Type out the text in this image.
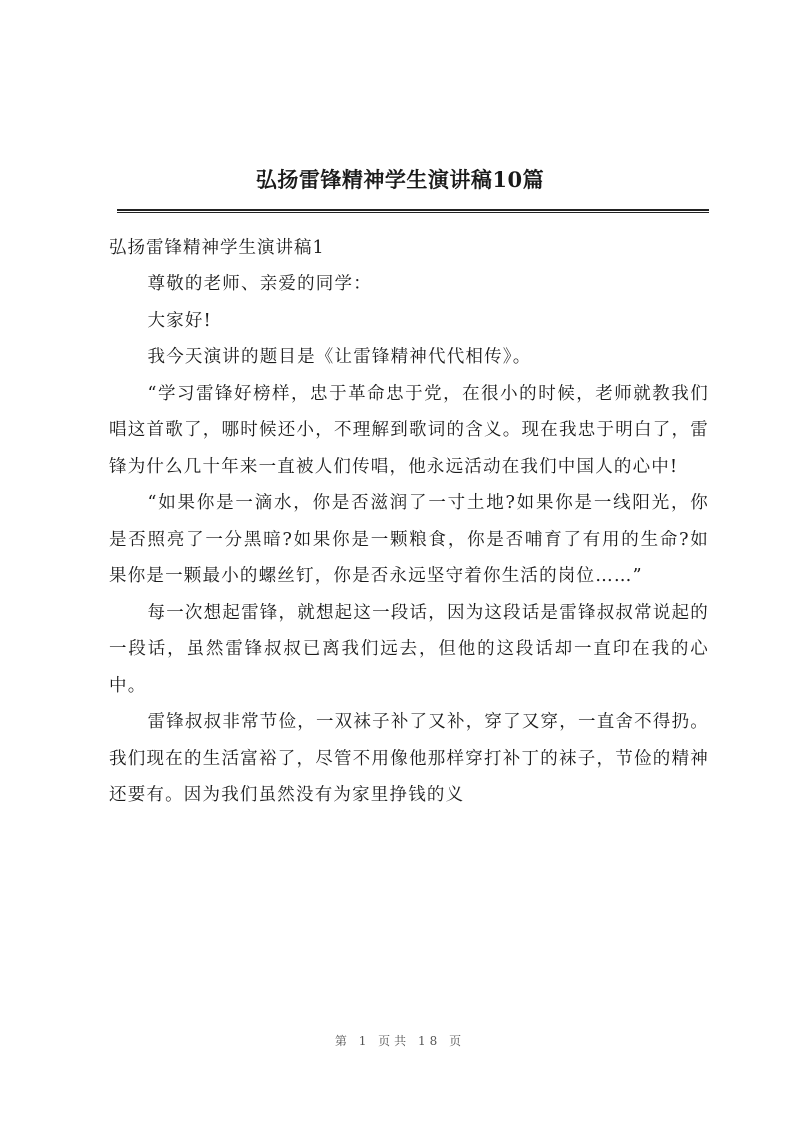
弘扬雷锋精神学生演讲稿10篇
弘扬雷锋精神学生演讲稿1

尊敬的老师、亲爱的同学：

大家好!

我今天演讲的题目是《让雷锋精神代代相传》。

“学习雷锋好榜样，忠于革命忠于党，在很小的时候，老师就教我们唱这首歌了，哪时候还小，不理解到歌词的含义。现在我忠于明白了，雷锋为什么几十年来一直被人们传唱，他永远活动在我们中国人的心中!

“如果你是一滴水，你是否滋润了一寸土地?如果你是一线阳光，你是否照亮了一分黑暗?如果你是一颗粮食，你是否哺育了有用的生命?如果你是一颗最小的螺丝钉，你是否永远坚守着你生活的岗位……”

每一次想起雷锋，就想起这一段话，因为这段话是雷锋叔叔常说起的一段话，虽然雷锋叔叔已离我们远去，但他的这段话却一直印在我的心中。

雷锋叔叔非常节俭，一双袜子补了又补，穿了又穿，一直舍不得扔。我们现在的生活富裕了，尽管不用像他那样穿打补丁的袜子，节俭的精神还要有。因为我们虽然没有为家里挣钱的义

第 1 页共 18 页
